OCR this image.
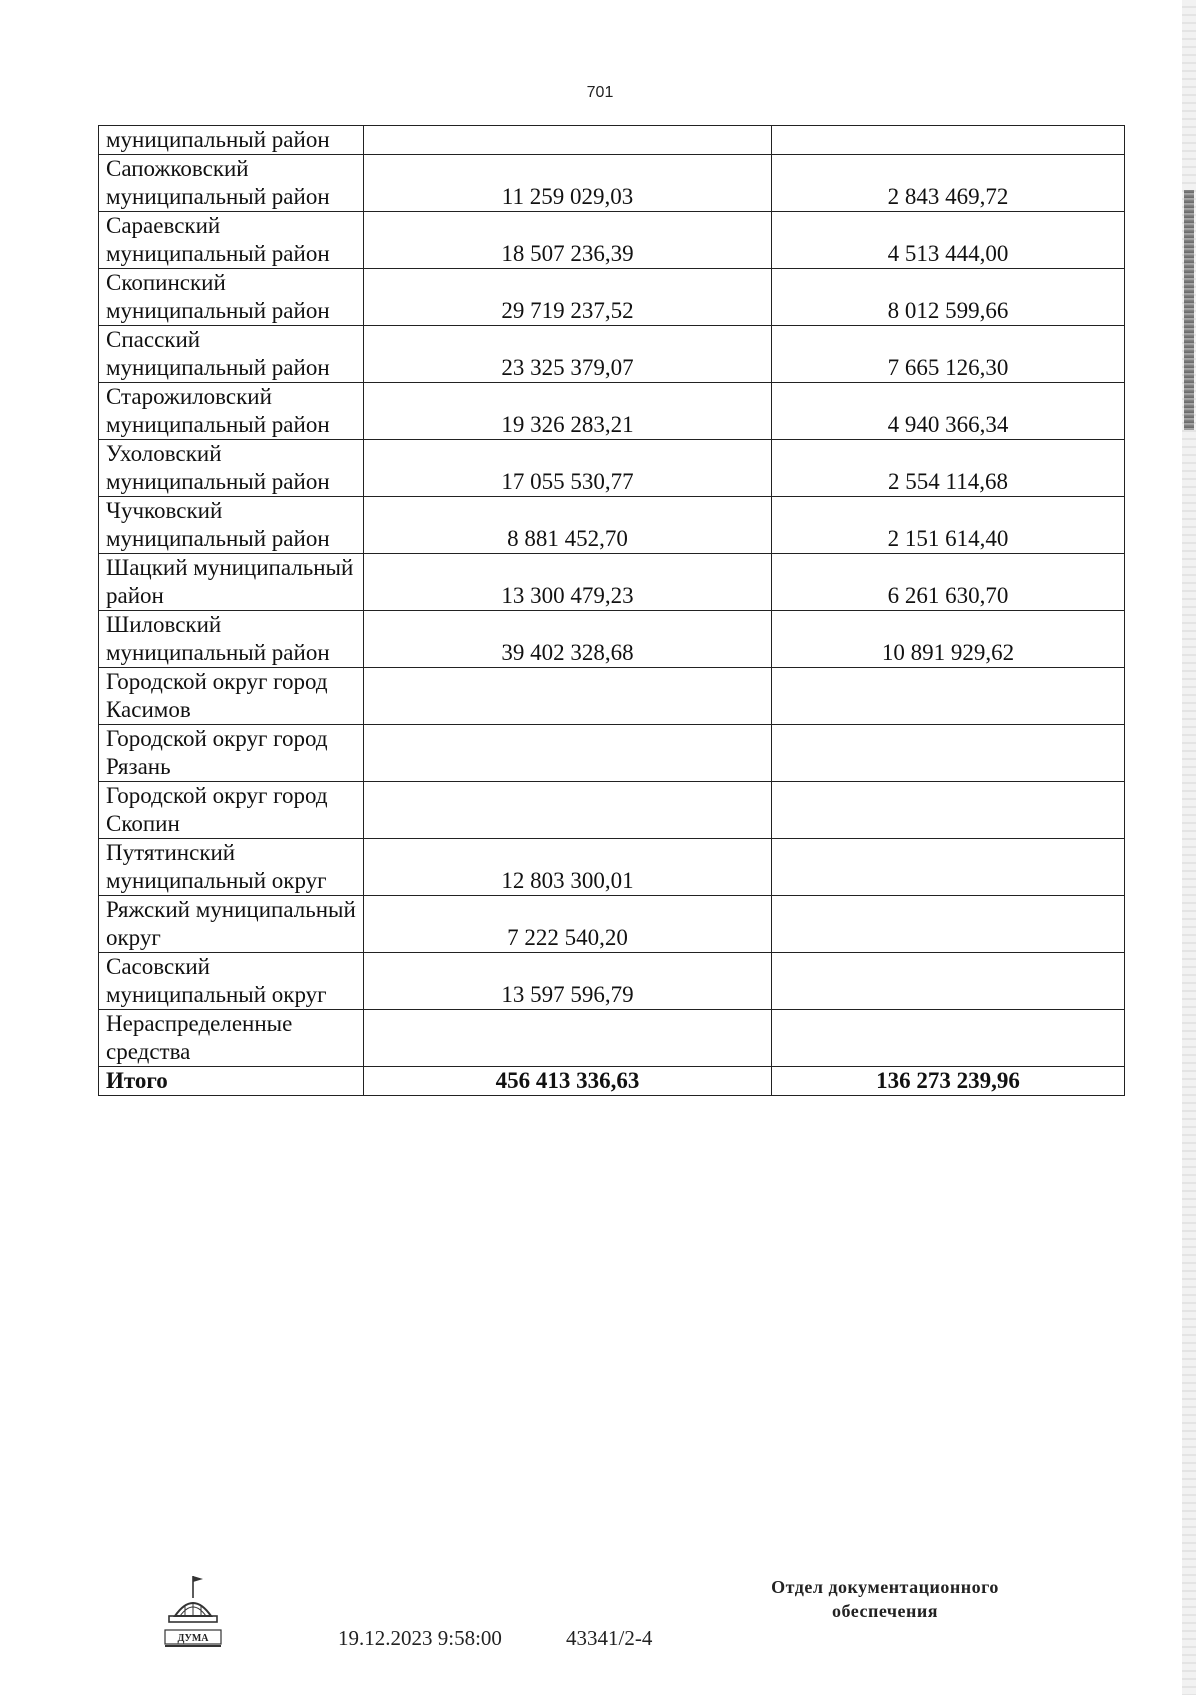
701
муниципальный район		
Сапожковский муниципальный район	11 259 029,03	2 843 469,72
Сараевский муниципальный район	18 507 236,39	4 513 444,00
Скопинский муниципальный район	29 719 237,52	8 012 599,66
Спасский муниципальный район	23 325 379,07	7 665 126,30
Старожиловский муниципальный район	19 326 283,21	4 940 366,34
Ухоловский муниципальный район	17 055 530,77	2 554 114,68
Чучковский муниципальный район	8 881 452,70	2 151 614,40
Шацкий муниципальный район	13 300 479,23	6 261 630,70
Шиловский муниципальный район	39 402 328,68	10 891 929,62
Городской округ город Касимов		
Городской округ город Рязань		
Городской округ город Скопин		
Путятинский муниципальный округ	12 803 300,01	
Ряжский муниципальный округ	7 222 540,20	
Сасовский муниципальный округ	13 597 596,79	
Нераспределенные средства		
Итого	456 413 336,63	136 273 239,96
ДУМА	19.12.2023 9:58:00	43341/2-4
Отдел документационного
обеспечения
